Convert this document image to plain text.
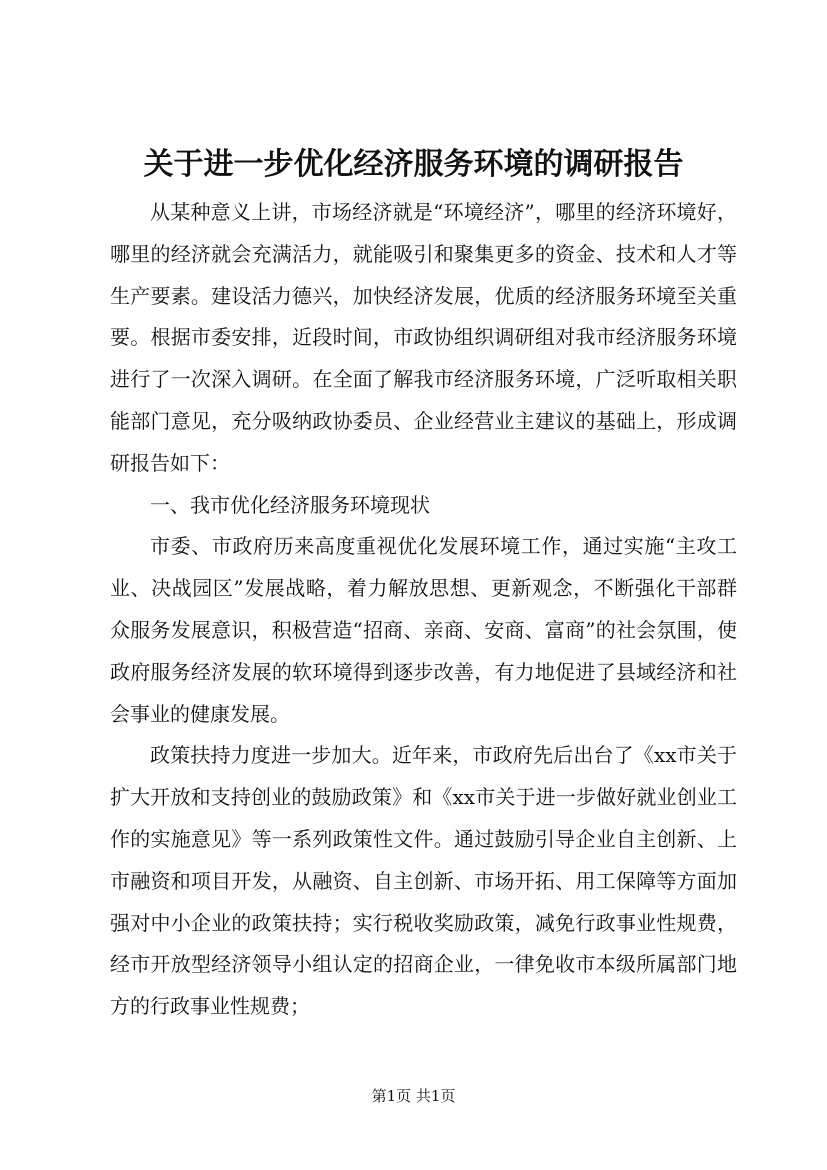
关于进一步优化经济服务环境的调研报告

从某种意义上讲，市场经济就是“环境经济”，哪里的经济环境好，哪里的经济就会充满活力，就能吸引和聚集更多的资金、技术和人才等生产要素。建设活力德兴，加快经济发展，优质的经济服务环境至关重要。根据市委安排，近段时间，市政协组织调研组对我市经济服务环境进行了一次深入调研。在全面了解我市经济服务环境，广泛听取相关职能部门意见，充分吸纳政协委员、企业经营业主建议的基础上，形成调研报告如下：

一、我市优化经济服务环境现状

市委、市政府历来高度重视优化发展环境工作，通过实施“主攻工业、决战园区”发展战略，着力解放思想、更新观念，不断强化干部群众服务发展意识，积极营造“招商、亲商、安商、富商”的社会氛围，使政府服务经济发展的软环境得到逐步改善，有力地促进了县域经济和社会事业的健康发展。

政策扶持力度进一步加大。近年来，市政府先后出台了《xx市关于扩大开放和支持创业的鼓励政策》和《xx市关于进一步做好就业创业工作的实施意见》等一系列政策性文件。通过鼓励引导企业自主创新、上市融资和项目开发，从融资、自主创新、市场开拓、用工保障等方面加强对中小企业的政策扶持；实行税收奖励政策，减免行政事业性规费，经市开放型经济领导小组认定的招商企业，一律免收市本级所属部门地方的行政事业性规费；

第1页 共1页
